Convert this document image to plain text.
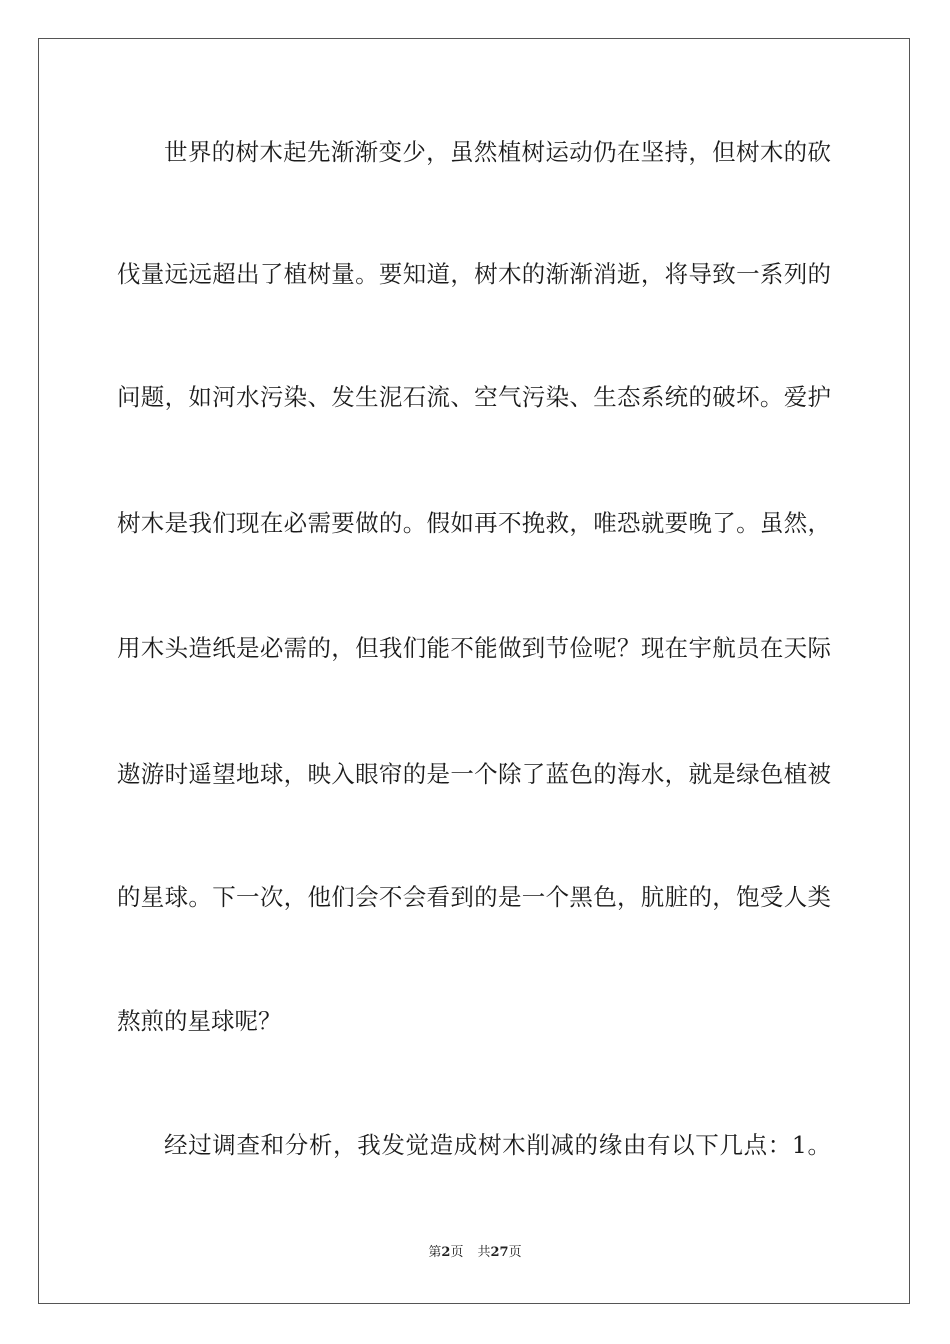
世界的树木起先渐渐变少，虽然植树运动仍在坚持，但树木的砍
伐量远远超出了植树量。要知道，树木的渐渐消逝，将导致一系列的
问题，如河水污染、发生泥石流、空气污染、生态系统的破坏。爱护
树木是我们现在必需要做的。假如再不挽救，唯恐就要晚了。虽然，
用木头造纸是必需的，但我们能不能做到节俭呢？现在宇航员在天际
遨游时遥望地球，映入眼帘的是一个除了蓝色的海水，就是绿色植被
的星球。下一次，他们会不会看到的是一个黑色，肮脏的，饱受人类
熬煎的星球呢？
经过调查和分析，我发觉造成树木削减的缘由有以下几点：1。
第2页 共27页
